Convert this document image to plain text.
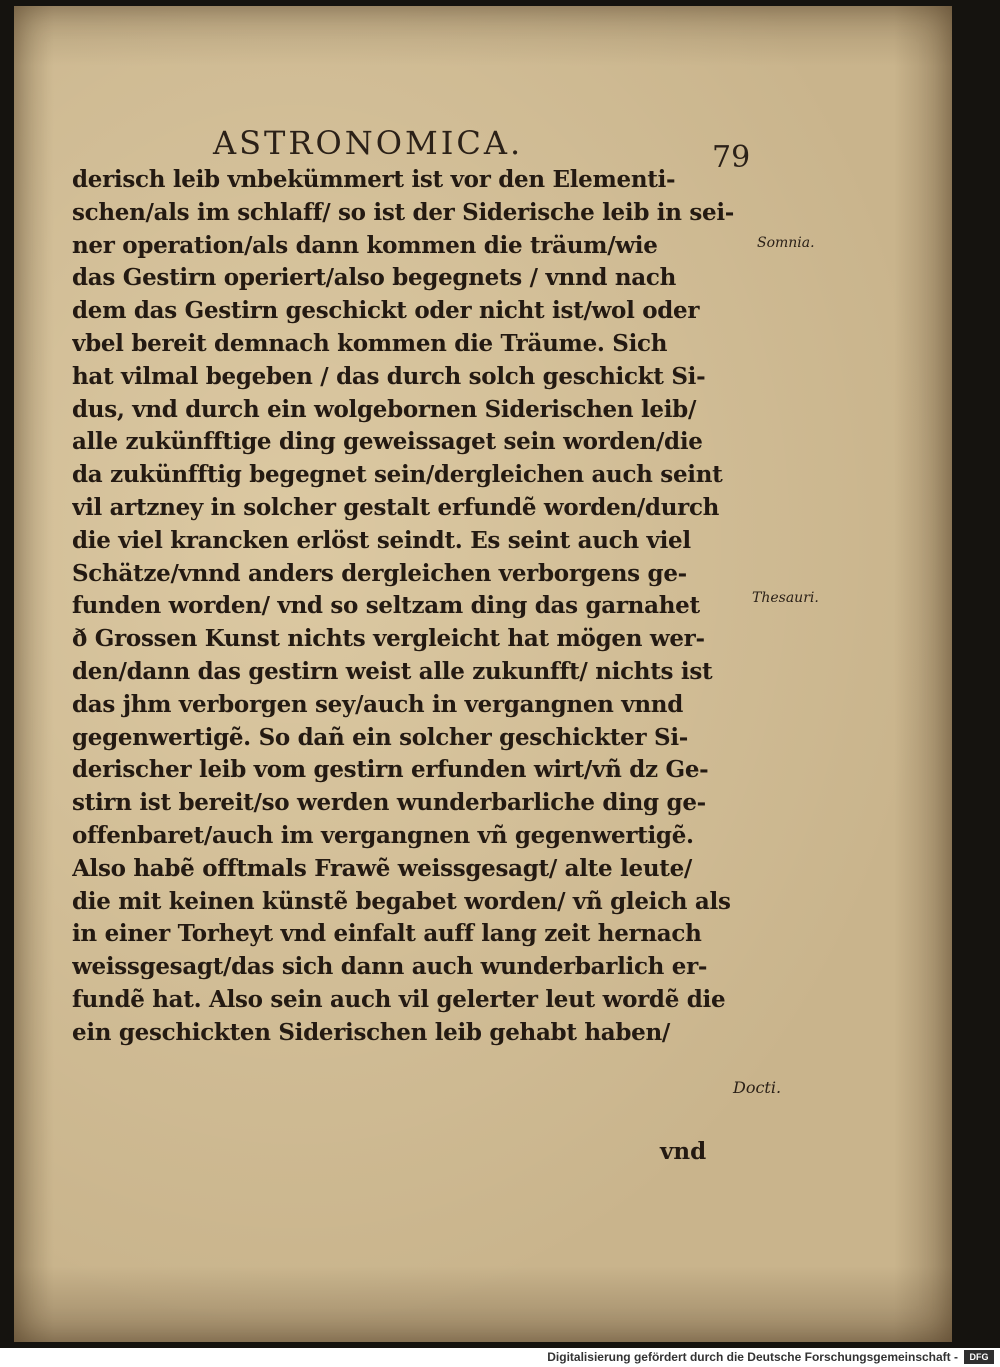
ASTRONOMICA.	79
derisch leib vnbekümmert ist vor den Elementi-
schen/als im schlaff/ so ist der Siderische leib in sei-
ner operation/als dann kommen die träum/wie
das Gestirn operiert/also begegnets / vnnd nach
dem das Gestirn geschickt oder nicht ist/wol oder
vbel bereit demnach kommen die Träume. Sich
hat vilmal begeben / das durch solch geschickt Si-
dus, vnd durch ein wolgebornen Siderischen leib/
alle zukünfftige ding geweissaget sein worden/die
da zukünfftig begegnet sein/dergleichen auch seint
vil artzney in solcher gestalt erfundẽ worden/durch
die viel krancken erlöst seindt. Es seint auch viel
Schätze/vnnd anders dergleichen verborgens ge-
funden worden/ vnd so seltzam ding das garnahet
ð Grossen Kunst nichts vergleicht hat mögen wer-
den/dann das gestirn weist alle zukunfft/ nichts ist
das jhm verborgen sey/auch in vergangnen vnnd
gegenwertigẽ. So dañ ein solcher geschickter Si-
derischer leib vom gestirn erfunden wirt/vñ dz Ge-
stirn ist bereit/so werden wunderbarliche ding ge-
offenbaret/auch im vergangnen vñ gegenwertigẽ.
Also habẽ offtmals Frawẽ weissgesagt/ alte leute/
die mit keinen künstẽ begabet worden/ vñ gleich als
in einer Torheyt vnd einfalt auff lang zeit hernach
weissgesagt/das sich dann auch wunderbarlich er-
fundẽ hat. Also sein auch vil gelerter leut wordẽ die
ein geschickten Siderischen leib gehabt haben/
vnd
Somnia.
Thesauri.
Docti.
Digitalisierung gefördert durch die Deutsche Forschungsgemeinschaft -	DFG
